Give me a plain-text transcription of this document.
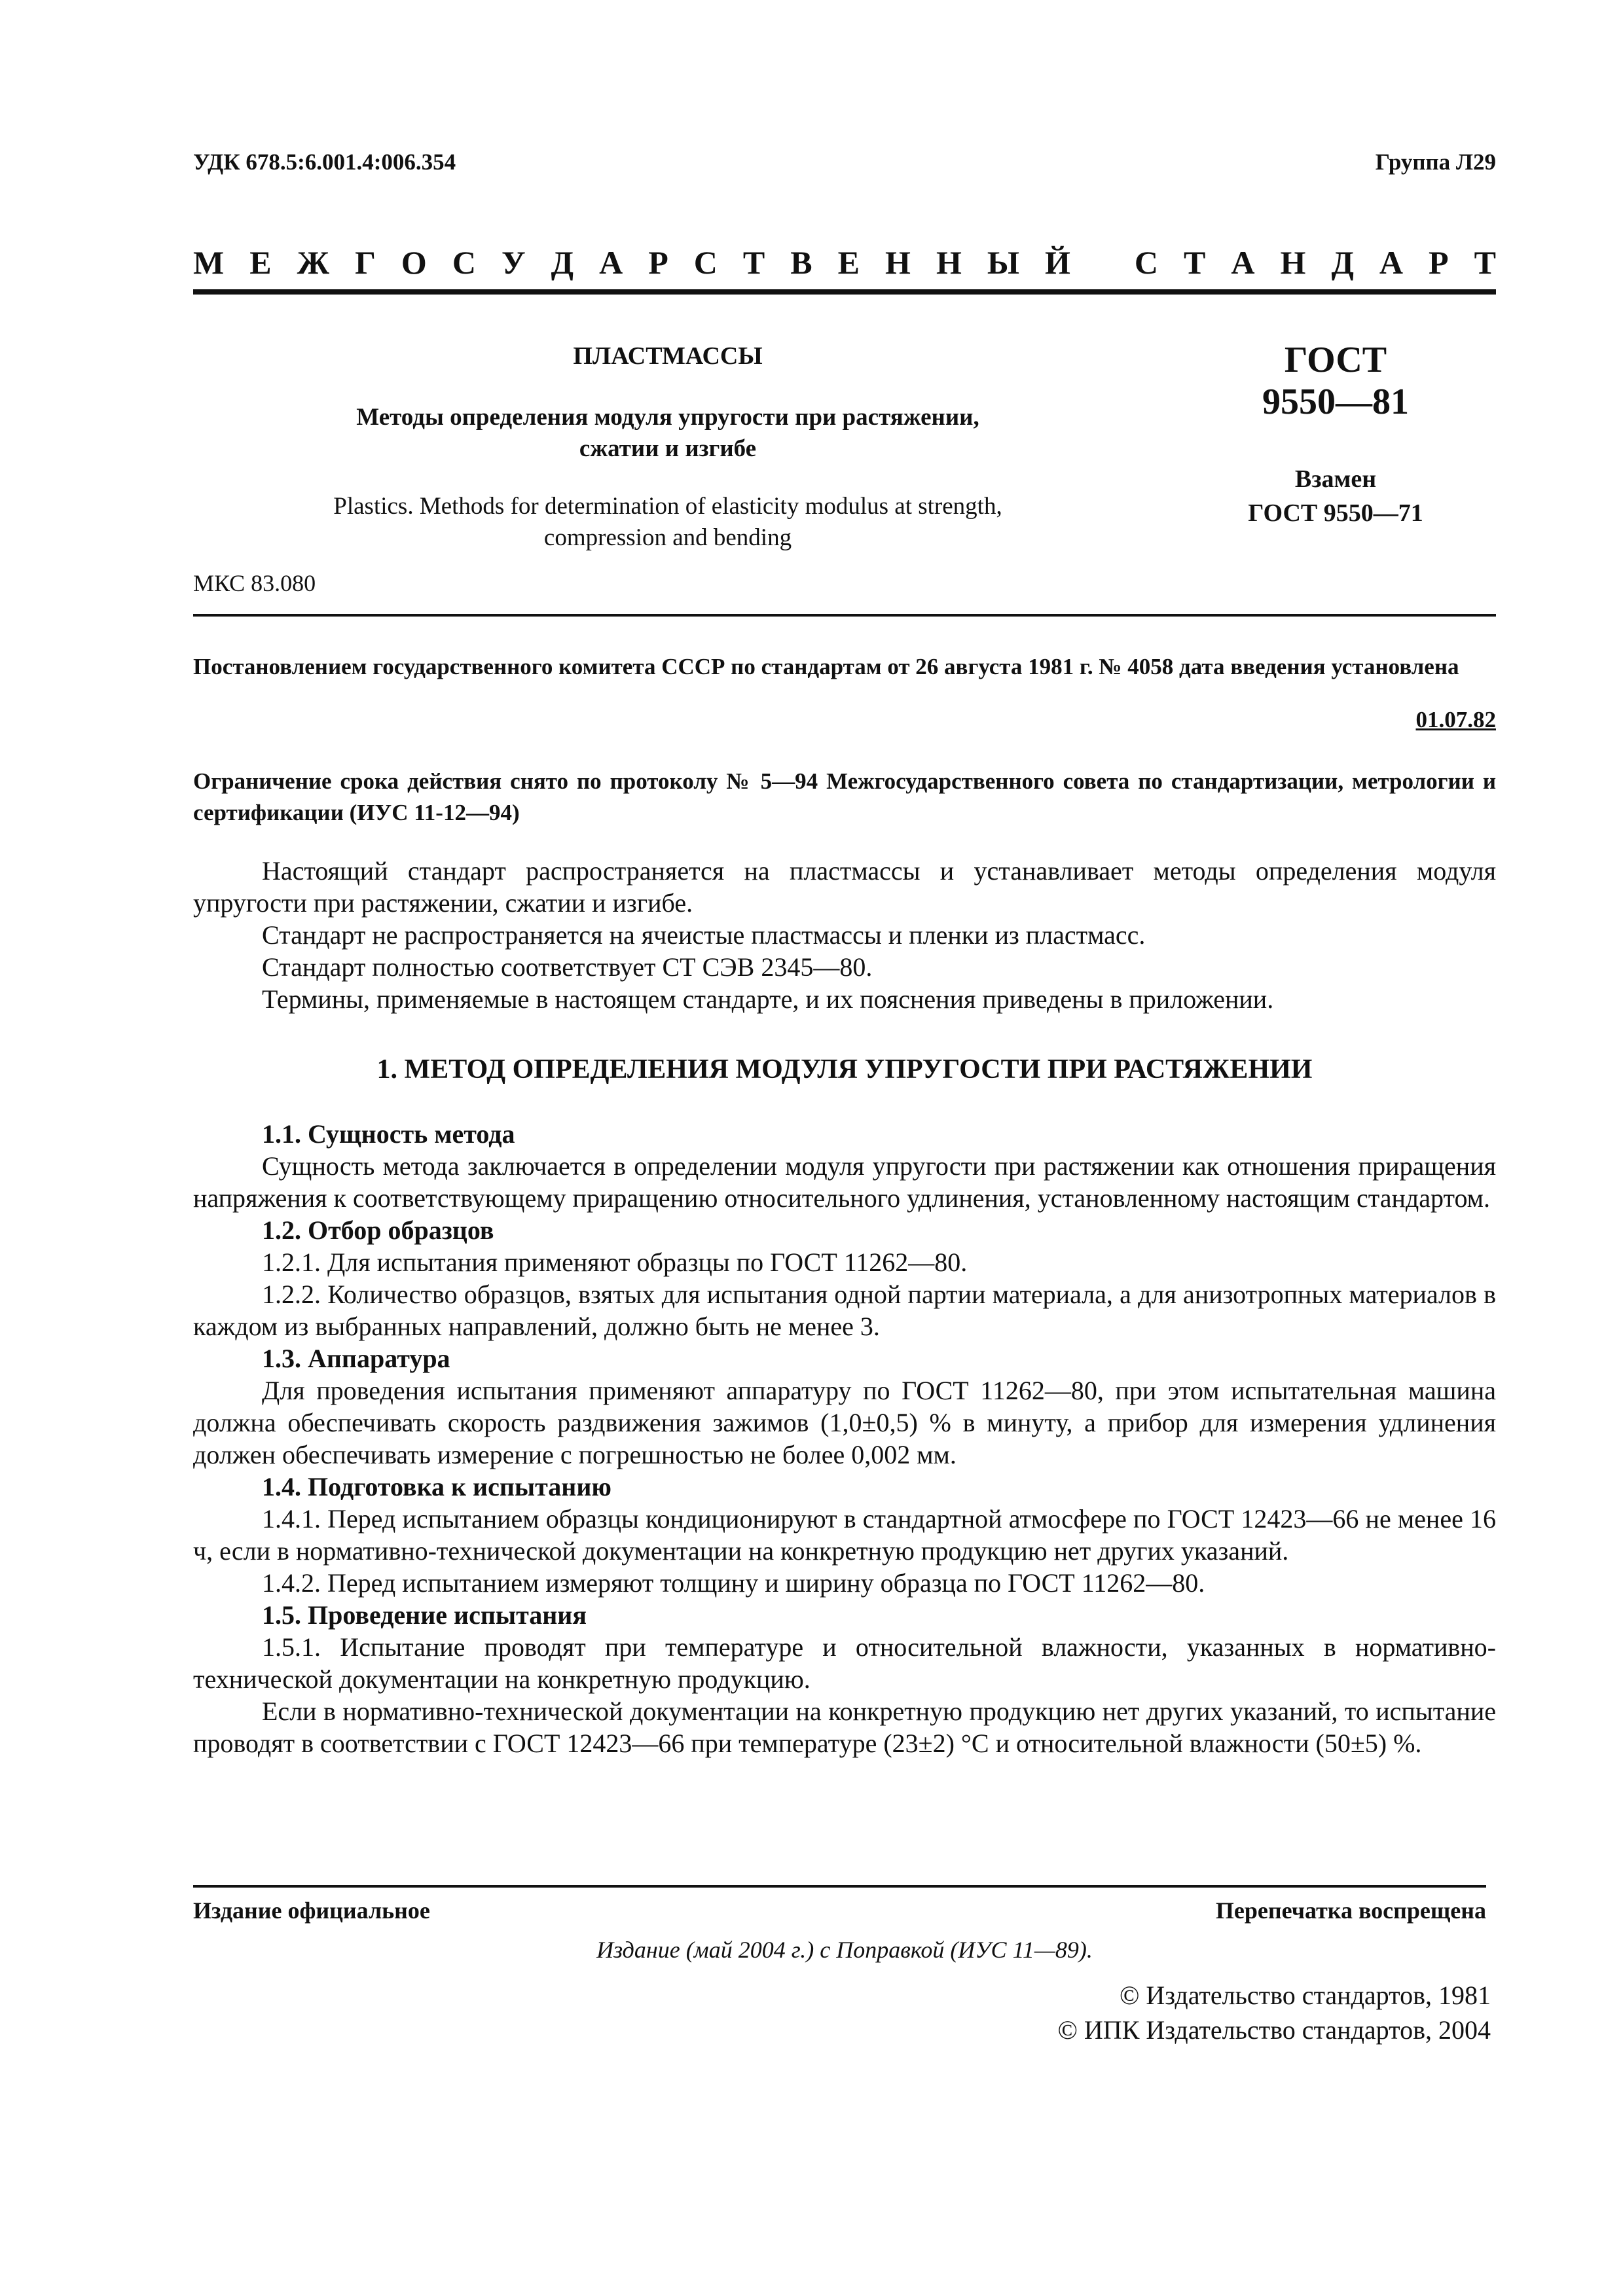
УДК 678.5:6.001.4:006.354	Группа Л29
М Е Ж Г О С У Д А Р С Т В Е Н Н Ы Й С Т А Н Д А Р Т
ПЛАСТМАССЫ
Методы определения модуля упругости при растяжении,
сжатии и изгибе
Plastics. Methods for determination of elasticity modulus at strength,
compression and bending
ГОСТ
9550—81
Взамен
ГОСТ 9550—71
МКС 83.080
Постановлением государственного комитета СССР по стандартам от 26 августа 1981 г. № 4058 дата введения установлена
01.07.82
Ограничение срока действия снято по протоколу № 5—94 Межгосударственного совета по стандартизации, метрологии и сертификации (ИУС 11-12—94)

Настоящий стандарт распространяется на пластмассы и устанавливает методы определения модуля упругости при растяжении, сжатии и изгибе.

Стандарт не распространяется на ячеистые пластмассы и пленки из пластмасс.

Стандарт полностью соответствует СТ СЭВ 2345—80.

Термины, применяемые в настоящем стандарте, и их пояснения приведены в приложении.

1. МЕТОД ОПРЕДЕЛЕНИЯ МОДУЛЯ УПРУГОСТИ ПРИ РАСТЯЖЕНИИ

1.1. Сущность метода

Сущность метода заключается в определении модуля упругости при растяжении как отношения приращения напряжения к соответствующему приращению относительного удлинения, установленному настоящим стандартом.

1.2. Отбор образцов

1.2.1. Для испытания применяют образцы по ГОСТ 11262—80.

1.2.2. Количество образцов, взятых для испытания одной партии материала, а для анизотропных материалов в каждом из выбранных направлений, должно быть не менее 3.

1.3. Аппаратура

Для проведения испытания применяют аппаратуру по ГОСТ 11262—80, при этом испытательная машина должна обеспечивать скорость раздвижения зажимов (1,0±0,5) % в минуту, а прибор для измерения удлинения должен обеспечивать измерение с погрешностью не более 0,002 мм.

1.4. Подготовка к испытанию

1.4.1. Перед испытанием образцы кондиционируют в стандартной атмосфере по ГОСТ 12423—66 не менее 16 ч, если в нормативно-технической документации на конкретную продукцию нет других указаний.

1.4.2. Перед испытанием измеряют толщину и ширину образца по ГОСТ 11262—80.

1.5. Проведение испытания

1.5.1. Испытание проводят при температуре и относительной влажности, указанных в нормативно-технической документации на конкретную продукцию.

Если в нормативно-технической документации на конкретную продукцию нет других указаний, то испытание проводят в соответствии с ГОСТ 12423—66 при температуре (23±2) °С и относительной влажности (50±5) %.

Издание официальное	Перепечатка воспрещена
Издание (май 2004 г.) с Поправкой (ИУС 11—89).
© Издательство стандартов, 1981
© ИПК Издательство стандартов, 2004
